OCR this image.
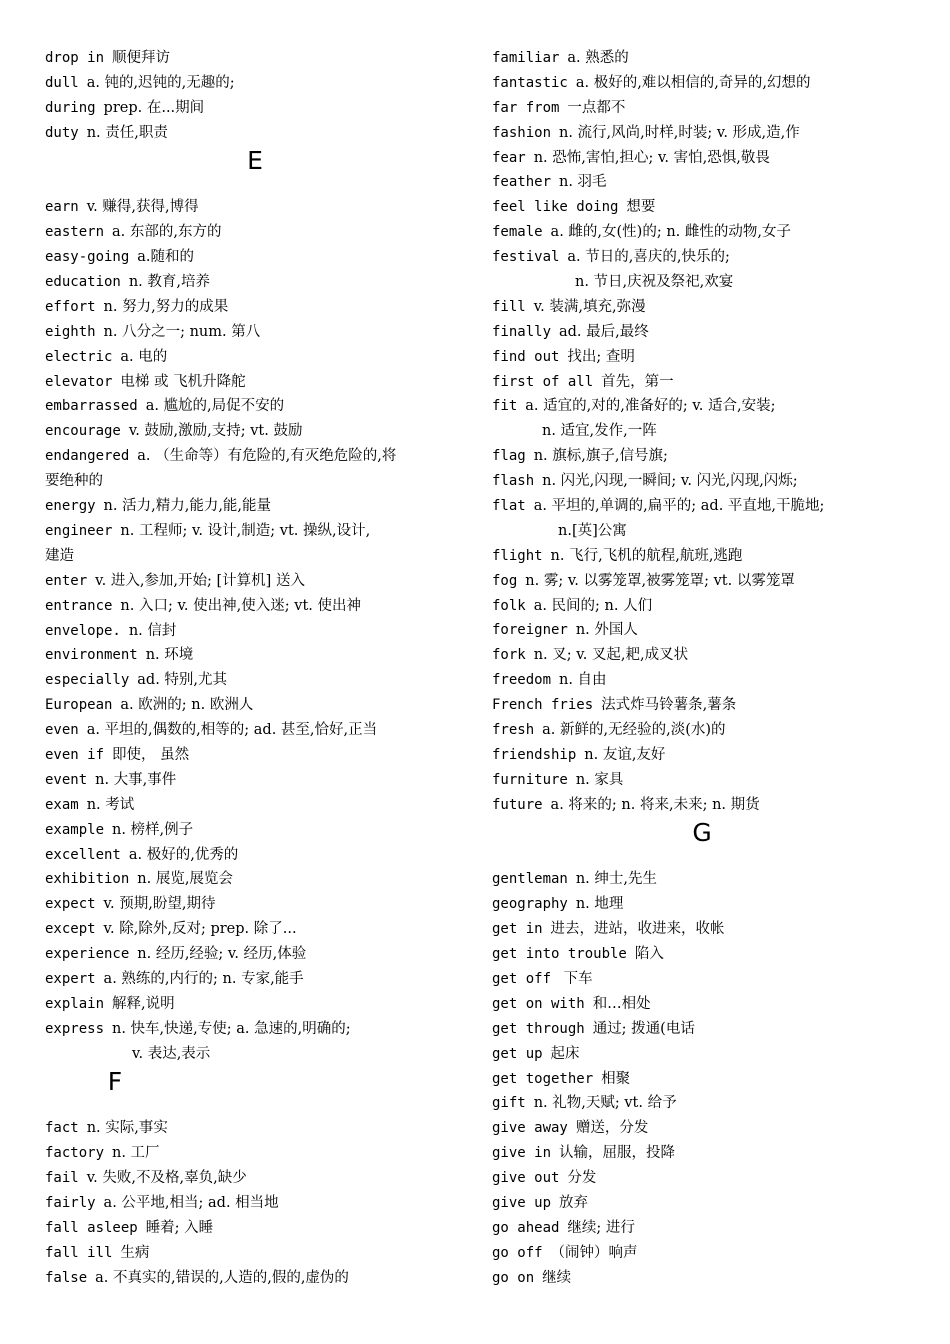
drop in 顺便拜访
dull a. 钝的,迟钝的,无趣的;
during prep. 在...期间
duty n. 责任,职责
E
earn v. 赚得,获得,博得
eastern a. 东部的,东方的
easy-going a.随和的
education n. 教育,培养
effort n. 努力,努力的成果
eighth n. 八分之一; num. 第八
electric a. 电的
elevator 电梯 或 飞机升降舵
embarrassed a. 尴尬的,局促不安的
encourage v. 鼓励,激励,支持; vt. 鼓励
endangered a. （生命等）有危险的,有灭绝危险的,将
要绝种的
energy n. 活力,精力,能力,能,能量
engineer n. 工程师; v. 设计,制造; vt. 操纵,设计,
建造
enter v. 进入,参加,开始; [计算机] 送入
entrance n. 入口; v. 使出神,使入迷; vt. 使出神
envelope. n. 信封
environment n. 环境
especially ad. 特别,尤其
European a. 欧洲的; n. 欧洲人
even a. 平坦的,偶数的,相等的; ad. 甚至,恰好,正当
even if 即使， 虽然
event n. 大事,事件
exam n. 考试
example n. 榜样,例子
excellent a. 极好的,优秀的
exhibition n. 展览,展览会
expect v. 预期,盼望,期待
except v. 除,除外,反对; prep. 除了...
experience n. 经历,经验; v. 经历,体验
expert a. 熟练的,内行的; n. 专家,能手
explain 解释,说明
express n. 快车,快递,专使; a. 急速的,明确的;
v. 表达,表示
F
fact n. 实际,事实
factory n. 工厂
fail v. 失败,不及格,辜负,缺少
fairly a. 公平地,相当; ad. 相当地
fall asleep 睡着; 入睡
fall ill 生病
false a. 不真实的,错误的,人造的,假的,虚伪的
familiar a. 熟悉的
fantastic a. 极好的,难以相信的,奇异的,幻想的
far from 一点都不
fashion n. 流行,风尚,时样,时装; v. 形成,造,作
fear n. 恐怖,害怕,担心; v. 害怕,恐惧,敬畏
feather n. 羽毛
feel like doing 想要
female a. 雌的,女(性)的; n. 雌性的动物,女子
festival a. 节日的,喜庆的,快乐的;
n. 节日,庆祝及祭祀,欢宴
fill v. 装满,填充,弥漫
finally ad. 最后,最终
find out 找出; 查明
first of all 首先，第一
fit a. 适宜的,对的,准备好的; v. 适合,安装;
n. 适宜,发作,一阵
flag n. 旗标,旗子,信号旗;
flash n. 闪光,闪现,一瞬间; v. 闪光,闪现,闪烁;
flat a. 平坦的,单调的,扁平的; ad. 平直地,干脆地;
n.[英]公寓
flight n. 飞行,飞机的航程,航班,逃跑
fog n. 雾; v. 以雾笼罩,被雾笼罩; vt. 以雾笼罩
folk a. 民间的; n. 人们
foreigner n. 外国人
fork n. 叉; v. 叉起,耙,成叉状
freedom n. 自由
French fries 法式炸马铃薯条,薯条
fresh a. 新鲜的,无经验的,淡(水)的
friendship n. 友谊,友好
furniture n. 家具
future a. 将来的; n. 将来,未来; n. 期货
G
gentleman n. 绅士,先生
geography n. 地理
get in 进去，进站，收进来，收帐
get into trouble 陷入
get off 下车
get on with 和…相处
get through 通过; 拨通(电话
get up 起床
get together 相聚
gift n. 礼物,天赋; vt. 给予
give away 赠送，分发
give in 认输，屈服，投降
give out 分发
give up 放弃
go ahead 继续; 进行
go off （闹钟）响声
go on 继续
